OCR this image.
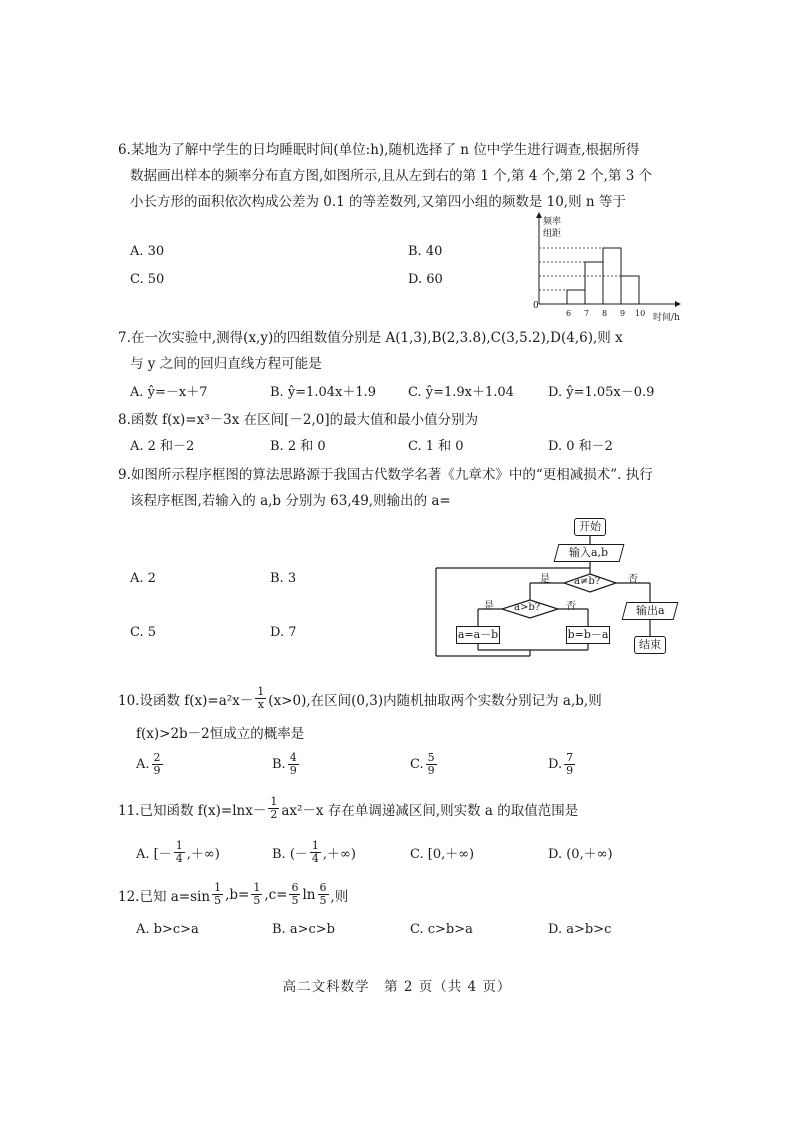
6.某地为了解中学生的日均睡眠时间(单位:h),随机选择了 n 位中学生进行调查,根据所得
数据画出样本的频率分布直方图,如图所示,且从左到右的第 1 个,第 4 个,第 2 个,第 3 个
小长方形的面积依次构成公差为 0.1 的等差数列,又第四小组的频数是 10,则 n 等于
A. 30	B. 40
C. 50	D. 60
频率
组距
时间/h
0
6 7 8 9 10
7.在一次实验中,测得(x,y)的四组数值分别是 A(1,3),B(2,3.8),C(3,5.2),D(4,6),则 x
与 y 之间的回归直线方程可能是
A. ŷ=－x＋7	B. ŷ=1.04x＋1.9 C. ŷ=1.9x＋1.04	D. ŷ=1.05x－0.9
8.函数 f(x)=x³－3x 在区间[－2,0]的最大值和最小值分别为
A. 2 和－2	B. 2 和 0	C. 1 和 0	D. 0 和－2
9.如图所示程序框图的算法思路源于我国古代数学名著《九章术》中的“更相减损术”. 执行
该程序框图,若输入的 a,b 分别为 63,49,则输出的 a=
A. 2	B. 3
C. 5	D. 7
开始
输入a,b
a≠b?
是	否
a>b?
是	否
a=a－b	b=b－a
输出a
结束
10.设函数 $f(x)=a^2x- \frac{1}{x} (x>0)$,在区间(0,3)内随机抽取两个实数分别记为 a,b,则
f(x)>2b－2恒成立的概率是
A. $\frac{2}{9}$	B. $\frac{4}{9}$	C. $\frac{5}{9}$	D. $\frac{7}{9}$
11.已知函数 $f(x)=\ln x- \frac{1}{2} ax^2-x$ 存在单调递减区间,则实数 a 的取值范围是
A. [－ $\frac{1}{4}$ ,＋∞)	B. (－ $\frac{1}{4}$ ,＋∞)	C. [0,＋∞)	D. (0,＋∞)
12.已知 $a=\sin \frac{1}{5} ,b= \frac{1}{5} ,c= \frac{6}{5}$ $\ln \frac{6}{5}$ ,则
A. b>c>a	B. a>c>b	C. c>b>a	D. a>b>c
高二文科数学　第 2 页（共 4 页）
